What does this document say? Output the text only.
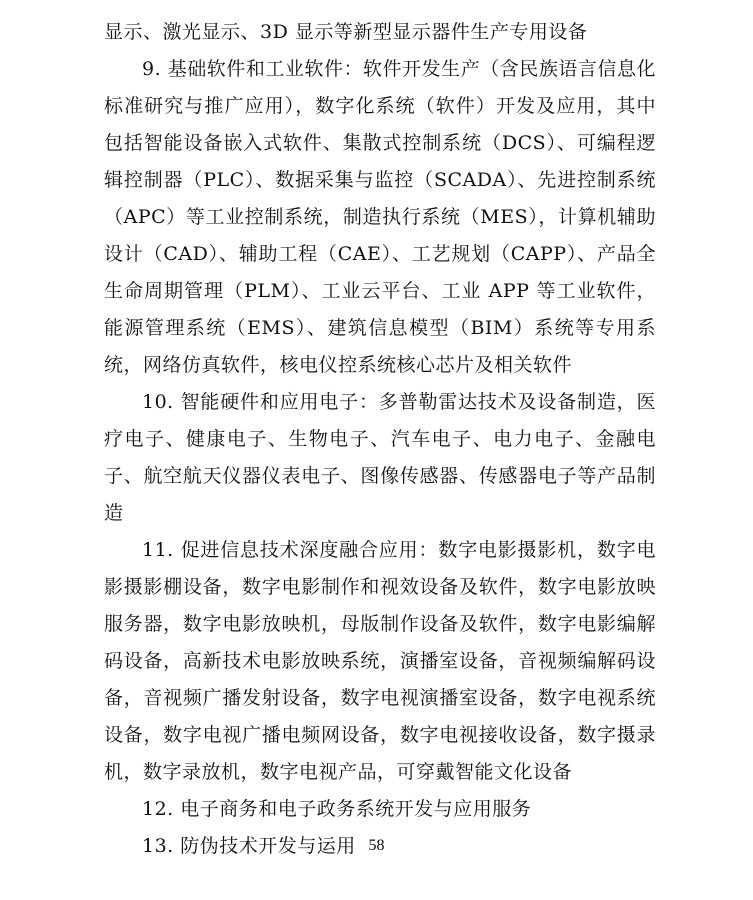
显示、激光显示、3D 显示等新型显示器件生产专用设备

9. 基础软件和工业软件：软件开发生产（含民族语言信息化标准研究与推广应用），数字化系统（软件）开发及应用，其中包括智能设备嵌入式软件、集散式控制系统（DCS）、可编程逻辑控制器（PLC）、数据采集与监控（SCADA）、先进控制系统（APC）等工业控制系统，制造执行系统（MES），计算机辅助设计（CAD）、辅助工程（CAE）、工艺规划（CAPP）、产品全生命周期管理（PLM）、工业云平台、工业 APP 等工业软件，能源管理系统（EMS）、建筑信息模型（BIM）系统等专用系统，网络仿真软件，核电仪控系统核心芯片及相关软件

10. 智能硬件和应用电子：多普勒雷达技术及设备制造，医疗电子、健康电子、生物电子、汽车电子、电力电子、金融电子、航空航天仪器仪表电子、图像传感器、传感器电子等产品制造

11. 促进信息技术深度融合应用：数字电影摄影机，数字电影摄影棚设备，数字电影制作和视效设备及软件，数字电影放映服务器，数字电影放映机，母版制作设备及软件，数字电影编解码设备，高新技术电影放映系统，演播室设备，音视频编解码设备，音视频广播发射设备，数字电视演播室设备，数字电视系统设备，数字电视广播电频网设备，数字电视接收设备，数字摄录机，数字录放机，数字电视产品，可穿戴智能文化设备

12. 电子商务和电子政务系统开发与应用服务

13. 防伪技术开发与运用 58
